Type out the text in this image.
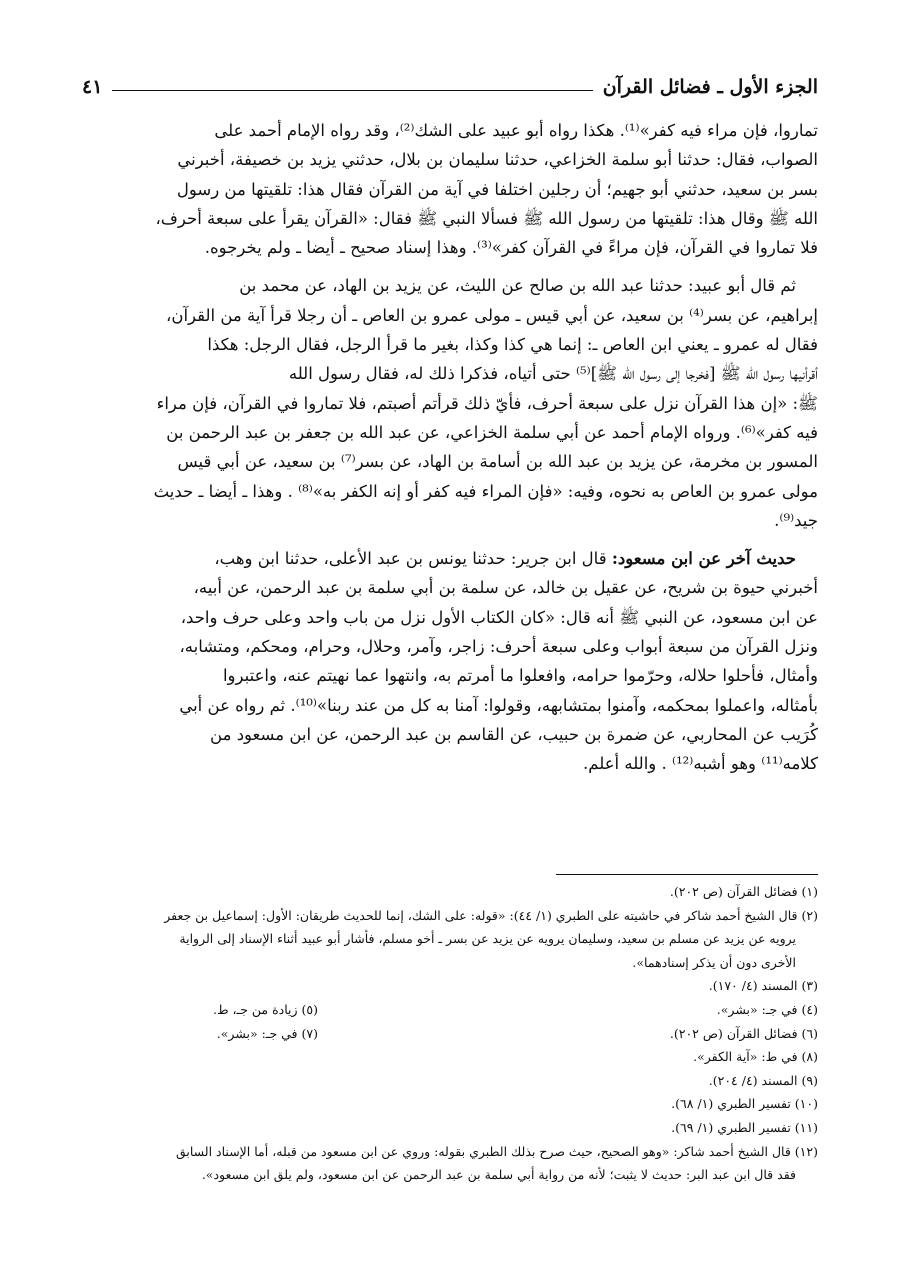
الجزء الأول ـ فضائل القرآن
٤١

تماروا، فإن مراء فيه كفر»⁽¹⁾. هكذا رواه أبو عبيد على الشك⁽²⁾، وقد رواه الإمام أحمد على
الصواب، فقال: حدثنا أبو سلمة الخزاعي، حدثنا سليمان بن بلال، حدثني يزيد بن خصيفة، أخبرني
بسر بن سعيد، حدثني أبو جهيم؛ أن رجلين اختلفا في آية من القرآن فقال هذا: تلقيتها من رسول
الله ﷺ وقال هذا: تلقيتها من رسول الله ﷺ فسألا النبي ﷺ فقال: «القرآن يقرأ على سبعة أحرف،
فلا تماروا في القرآن، فإن مراءً في القرآن كفر»⁽³⁾. وهذا إسناد صحيح ـ أيضا ـ ولم يخرجوه.

ثم قال أبو عبيد: حدثنا عبد الله بن صالح عن الليث، عن يزيد بن الهاد، عن محمد بن
إبراهيم، عن بسر⁽⁴⁾ بن سعيد، عن أبي قيس ـ مولى عمرو بن العاص ـ أن رجلا قرأ آية من القرآن،
فقال له عمرو ـ يعني ابن العاص ـ: إنما هي كذا وكذا، بغير ما قرأ الرجل، فقال الرجل: هكذا
أقرأنيها رسول الله ﷺ [فخرجا إلى رسول الله ﷺ]⁽⁵⁾ حتى أتياه، فذكرا ذلك له، فقال رسول الله
ﷺ: «إن هذا القرآن نزل على سبعة أحرف، فأيّ ذلك قرأتم أصبتم، فلا تماروا في القرآن، فإن مراء
فيه كفر»⁽⁶⁾. ورواه الإمام أحمد عن أبي سلمة الخزاعي، عن عبد الله بن جعفر بن عبد الرحمن بن
المسور بن مخرمة، عن يزيد بن عبد الله بن أسامة بن الهاد، عن بسر⁽⁷⁾ بن سعيد، عن أبي قيس
مولى عمرو بن العاص به نحوه، وفيه: «فإن المراء فيه كفر أو إنه الكفر به»⁽⁸⁾ . وهذا ـ أيضا ـ حديث
جيد⁽⁹⁾.

حديث آخر عن ابن مسعود: قال ابن جرير: حدثنا يونس بن عبد الأعلى، حدثنا ابن وهب،
أخبرني حيوة بن شريح، عن عقيل بن خالد، عن سلمة بن أبي سلمة بن عبد الرحمن، عن أبيه،
عن ابن مسعود، عن النبي ﷺ أنه قال: «كان الكتاب الأول نزل من باب واحد وعلى حرف واحد،
ونزل القرآن من سبعة أبواب وعلى سبعة أحرف: زاجر، وآمر، وحلال، وحرام، ومحكم، ومتشابه،
وأمثال، فأحلوا حلاله، وحرّموا حرامه، وافعلوا ما أمرتم به، وانتهوا عما نهيتم عنه، واعتبروا
بأمثاله، واعملوا بمحكمه، وآمنوا بمتشابهه، وقولوا: آمنا به كل من عند ربنا»⁽¹⁰⁾. ثم رواه عن أبي
كُرَيب عن المحاربي، عن ضمرة بن حبيب، عن القاسم بن عبد الرحمن، عن ابن مسعود من
كلامه⁽¹¹⁾ وهو أشبه⁽¹²⁾ . والله أعلم.

(١) فضائل القرآن (ص ٢٠٢).
(٢) قال الشيخ أحمد شاكر في حاشيته على الطبري (١/ ٤٤): «قوله: على الشك، إنما للحديث طريقان: الأول: إسماعيل بن جعفر
يرويه عن يزيد عن مسلم بن سعيد، وسليمان يرويه عن يزيد عن بسر ـ أخو مسلم، فأشار أبو عبيد أثناء الإسناد إلى الرواية
الأخرى دون أن يذكر إسنادهما».
(٣) المسند (٤/ ١٧٠).
(٤) في جـ: «بشر».
(٥) زيادة من جـ، ط.
(٦) فضائل القرآن (ص ٢٠٢).
(٧) في جـ: «بشر».
(٨) في ط: «آية الكفر».
(٩) المسند (٤/ ٢٠٤).
(١٠) تفسير الطبري (١/ ٦٨).
(١١) تفسير الطبري (١/ ٦٩).
(١٢) قال الشيخ أحمد شاكر: «وهو الصحيح، حيث صرح بذلك الطبري بقوله: وروي عن ابن مسعود من قبله، أما الإسناد السابق
فقد قال ابن عبد البر: حديث لا يثبت؛ لأنه من رواية أبي سلمة بن عبد الرحمن عن ابن مسعود، ولم يلق ابن مسعود».
